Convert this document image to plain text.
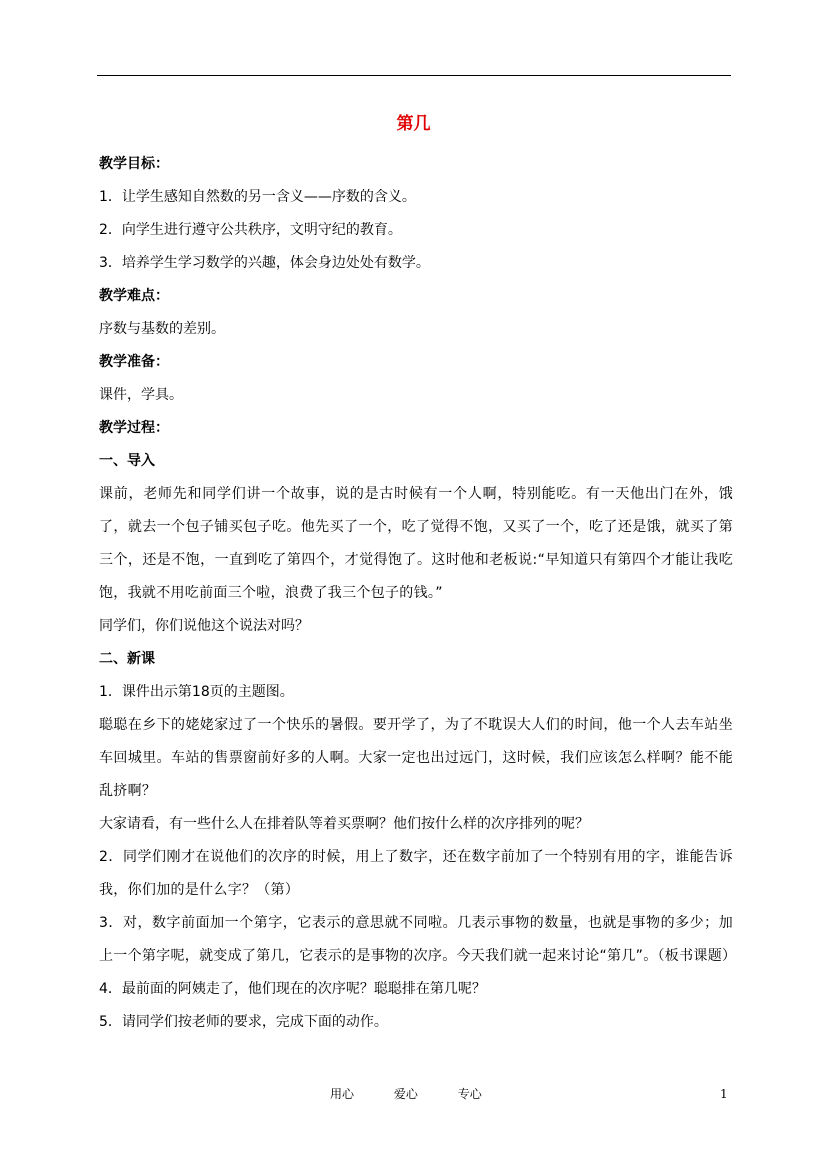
第几
教学目标：
1．让学生感知自然数的另一含义——序数的含义。
2．向学生进行遵守公共秩序，文明守纪的教育。
3．培养学生学习数学的兴趣，体会身边处处有数学。
教学难点：
序数与基数的差别。
教学准备：
课件，学具。
教学过程：
一、导入
课前，老师先和同学们讲一个故事，说的是古时候有一个人啊，特别能吃。有一天他出门在外，饿了，就去一个包子铺买包子吃。他先买了一个，吃了觉得不饱，又买了一个，吃了还是饿，就买了第三个，还是不饱，一直到吃了第四个，才觉得饱了。这时他和老板说:“早知道只有第四个才能让我吃饱，我就不用吃前面三个啦，浪费了我三个包子的钱。”
同学们，你们说他这个说法对吗？
二、新课
1．课件出示第18页的主题图。
聪聪在乡下的姥姥家过了一个快乐的暑假。要开学了，为了不耽误大人们的时间，他一个人去车站坐车回城里。车站的售票窗前好多的人啊。大家一定也出过远门，这时候，我们应该怎么样啊？能不能乱挤啊？
大家请看，有一些什么人在排着队等着买票啊？他们按什么样的次序排列的呢？
2．同学们刚才在说他们的次序的时候，用上了数字，还在数字前加了一个特别有用的字，谁能告诉我，你们加的是什么字？（第）
3．对，数字前面加一个第字，它表示的意思就不同啦。几表示事物的数量，也就是事物的多少；加上一个第字呢，就变成了第几，它表示的是事物的次序。今天我们就一起来讨论“第几”。（板书课题）
4．最前面的阿姨走了，他们现在的次序呢？聪聪排在第几呢？
5．请同学们按老师的要求，完成下面的动作。
用心	爱心	专心	1
